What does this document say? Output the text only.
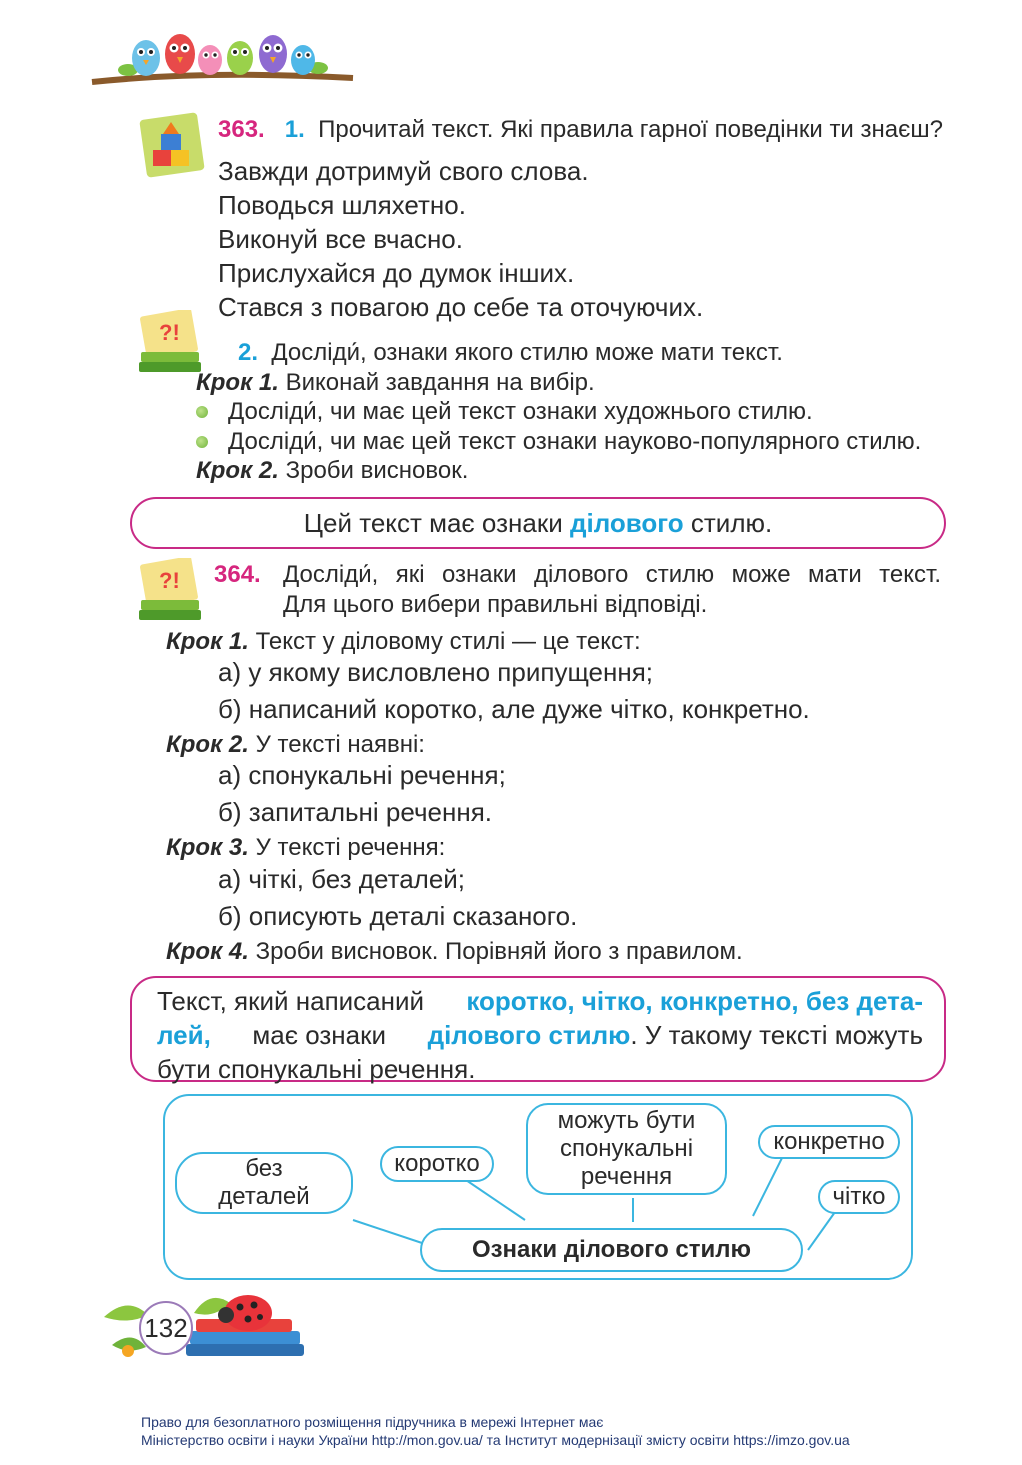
363. 1. Прочитай текст. Які правила гарної поведінки ти знаєш?
Завжди дотримуй свого слова.
Поводься шляхетно.
Виконуй все вчасно.
Прислухайся до думок інших.
Стався з повагою до себе та оточуючих.
?!
2. Досліди́, ознаки якого стилю може мати текст.
Крок 1. Виконай завдання на вибір.
Досліди́, чи має цей текст ознаки художнього стилю.
Досліди́, чи має цей текст ознаки науково-популярного стилю.
Крок 2. Зроби висновок.
Цей текст має ознаки ділового стилю.
?! 364. Досліди́, які ознаки ділового стилю може мати текст.
Для цього вибери правильні відповіді.
Крок 1. Текст у діловому стилі — це текст:
а) у якому висловлено припущення;
б) написаний коротко, але дуже чітко, конкретно.
Крок 2. У тексті наявні:
а) спонукальні речення;
б) запитальні речення.
Крок 3. У тексті речення:
а) чіткі, без деталей;
б) описують деталі сказаного.
Крок 4. Зроби висновок. Порівняй його з правилом.
Текст, який написаний коротко, чітко, конкретно, без дета-
лей, має ознаки ділового стилю. У такому тексті можуть
бути спонукальні речення.
без
деталей
коротко
можуть бути
спонукальні
речення
конкретно
чітко
Ознаки ділового стилю
132
Право для безоплатного розміщення підручника в мережі Інтернет має
Міністерство освіти і науки України http://mon.gov.ua/ та Інститут модернізації змісту освіти https://imzo.gov.ua
